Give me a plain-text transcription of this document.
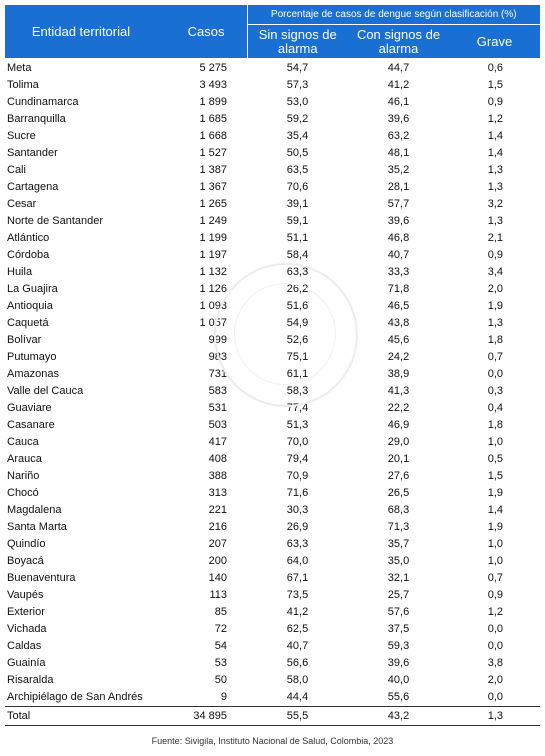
Entidad territorial	Casos	Porcentaje de casos de dengue según clasificación (%)		
		Sin signos de alarma	Con signos de alarma	Grave
Meta	5 275	54,7	44,7	0,6
Tolima	3 493	57,3	41,2	1,5
Cundinamarca	1 899	53,0	46,1	0,9
Barranquilla	1 685	59,2	39,6	1,2
Sucre	1 668	35,4	63,2	1,4
Santander	1 527	50,5	48,1	1,4
Cali	1 387	63,5	35,2	1,3
Cartagena	1 367	70,6	28,1	1,3
Cesar	1 265	39,1	57,7	3,2
Norte de Santander	1 249	59,1	39,6	1,3
Atlántico	1 199	51,1	46,8	2,1
Córdoba	1 197	58,4	40,7	0,9
Huila	1 132	63,3	33,3	3,4
La Guajira	1 126	26,2	71,8	2,0
Antioquia	1 093	51,6	46,5	1,9
Caquetá	1 057	54,9	43,8	1,3
Bolívar	999	52,6	45,6	1,8
Putumayo	983	75,1	24,2	0,7
Amazonas	731	61,1	38,9	0,0
Valle del Cauca	583	58,3	41,3	0,3
Guaviare	531	77,4	22,2	0,4
Casanare	503	51,3	46,9	1,8
Cauca	417	70,0	29,0	1,0
Arauca	408	79,4	20,1	0,5
Nariño	388	70,9	27,6	1,5
Chocó	313	71,6	26,5	1,9
Magdalena	221	30,3	68,3	1,4
Santa Marta	216	26,9	71,3	1,9
Quindío	207	63,3	35,7	1,0
Boyacá	200	64,0	35,0	1,0
Buenaventura	140	67,1	32,1	0,7
Vaupés	113	73,5	25,7	0,9
Exterior	85	41,2	57,6	1,2
Vichada	72	62,5	37,5	0,0
Caldas	54	40,7	59,3	0,0
Guainía	53	56,6	39,6	3,8
Risaralda	50	58,0	40,0	2,0
Archipiélago de San Andrés	9	44,4	55,6	0,0
Total	34 895	55,5	43,2	1,3
Fuente: Sivigila, Instituto Nacional de Salud, Colombia, 2023
